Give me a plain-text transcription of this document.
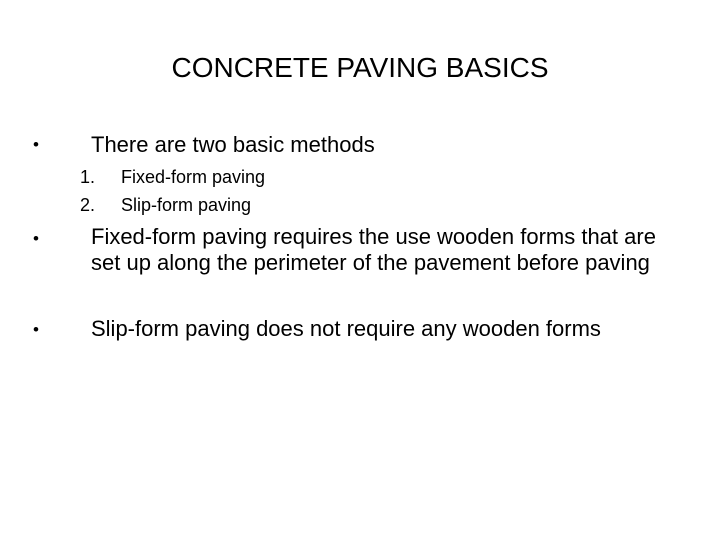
CONCRETE PAVING BASICS
• There are two basic methods
1. Fixed-form paving
2. Slip-form paving
• Fixed-form paving requires the use wooden forms that are set up along the perimeter of the pavement before paving
• Slip-form paving does not require any wooden forms
